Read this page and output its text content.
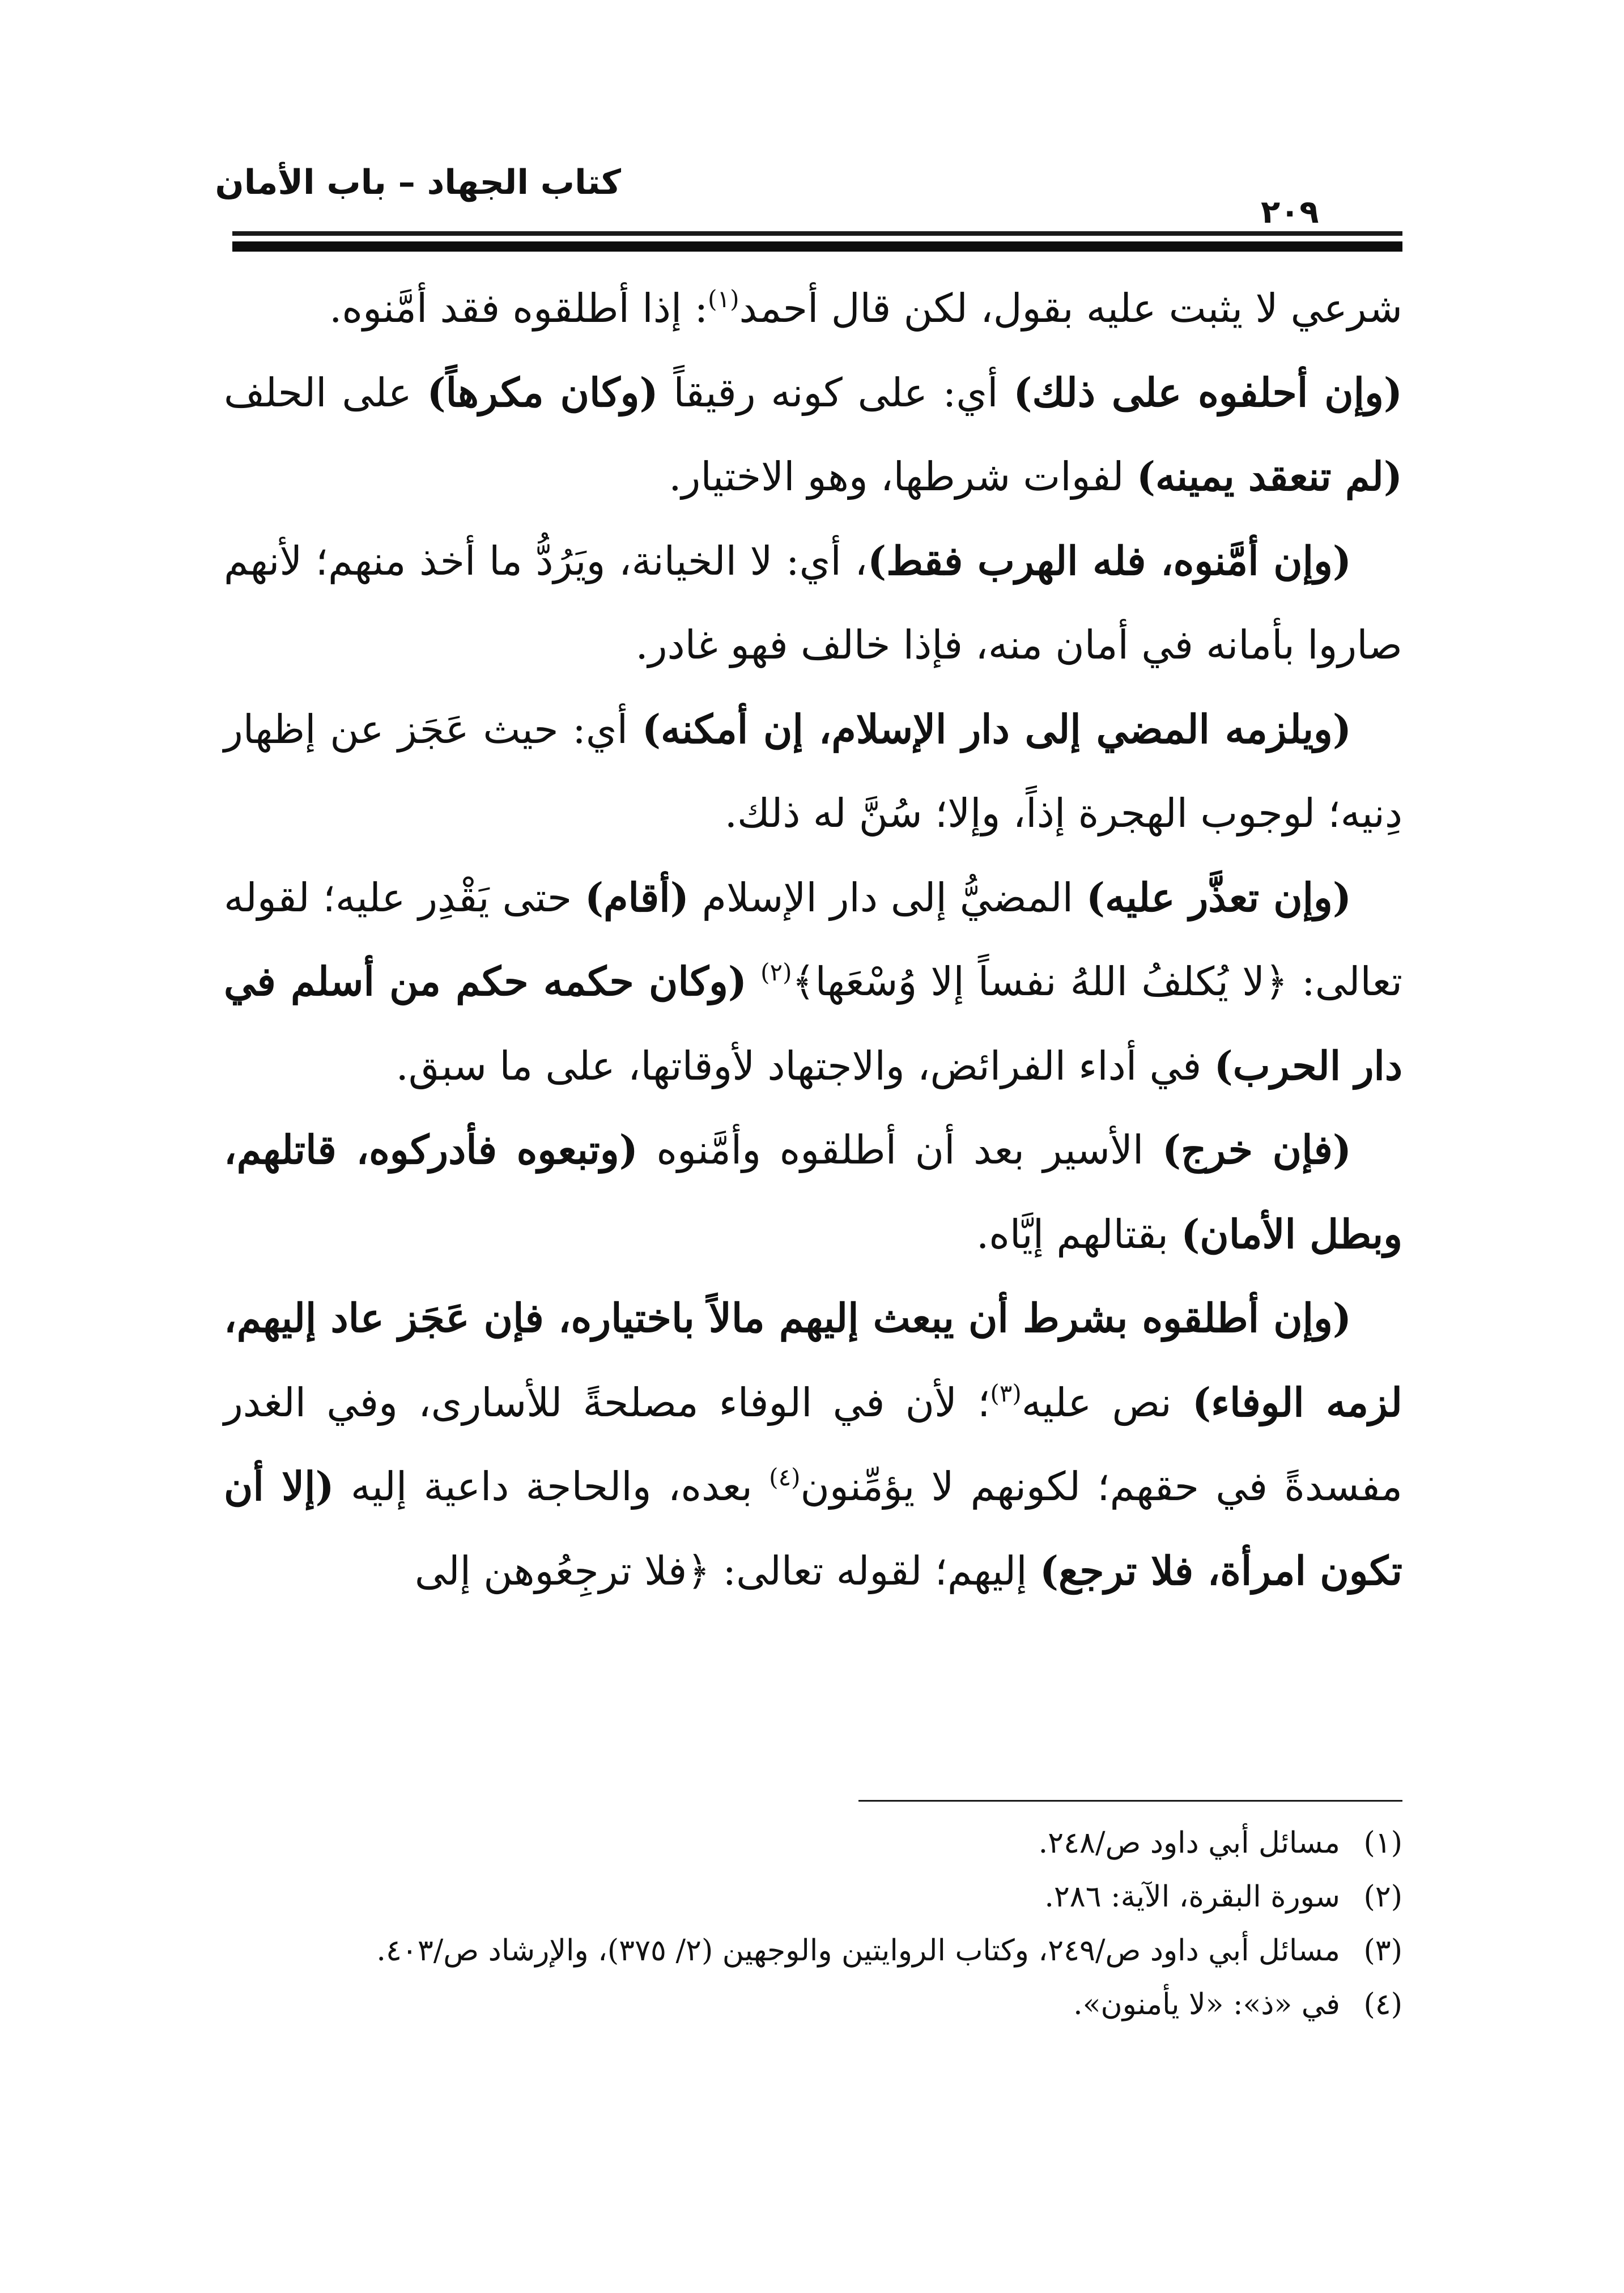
كتاب الجهاد – باب الأمان
٢٠٩

شرعي لا يثبت عليه بقول، لكن قال أحمد$^{(١)}$: إذا أطلقوه فقد أمَّنوه.

(وإن أحلفوه على ذلك) أي: على كونه رقيقاً (وكان مكرهاً) على الحلف (لم تنعقد يمينه) لفوات شرطها، وهو الاختيار.

(وإن أمَّنوه، فله الهرب فقط)، أي: لا الخيانة، ويَرُدُّ ما أخذ منهم؛ لأنهم صاروا بأمانه في أمان منه، فإذا خالف فهو غادر.

(ويلزمه المضي إلى دار الإسلام، إن أمكنه) أي: حيث عَجَز عن إظهار دِنيه؛ لوجوب الهجرة إذاً، وإلا؛ سُنَّ له ذلك.

(وإن تعذَّر عليه) المضيُّ إلى دار الإسلام (أقام) حتى يَقْدِر عليه؛ لقوله تعالى: ﴿لا يُكلفُ اللهُ نفساً إلا وُسْعَها﴾$^{(٢)}$ (وكان حكمه حكم من أسلم في دار الحرب) في أداء الفرائض، والاجتهاد لأوقاتها، على ما سبق.

(فإن خرج) الأسير بعد أن أطلقوه وأمَّنوه (وتبعوه فأدركوه، قاتلهم، وبطل الأمان) بقتالهم إيَّاه.

(وإن أطلقوه بشرط أن يبعث إليهم مالاً باختياره، فإن عَجَز عاد إليهم، لزمه الوفاء) نص عليه$^{(٣)}$؛ لأن في الوفاء مصلحةً للأسارى، وفي الغدر مفسدةً في حقهم؛ لكونهم لا يؤمِّنون$^{(٤)}$ بعده، والحاجة داعية إليه (إلا أن تكون امرأة، فلا ترجع) إليهم؛ لقوله تعالى: ﴿فلا ترجِعُوهن إلى

(١)مسائل أبي داود ص/٢٤٨.

(٢)سورة البقرة، الآية: ٢٨٦.

(٣)مسائل أبي داود ص/٢٤٩، وكتاب الروايتين والوجهين (٢/ ٣٧٥)، والإرشاد ص/٤٠٣.

(٤)في «ذ»: «لا يأمنون».
